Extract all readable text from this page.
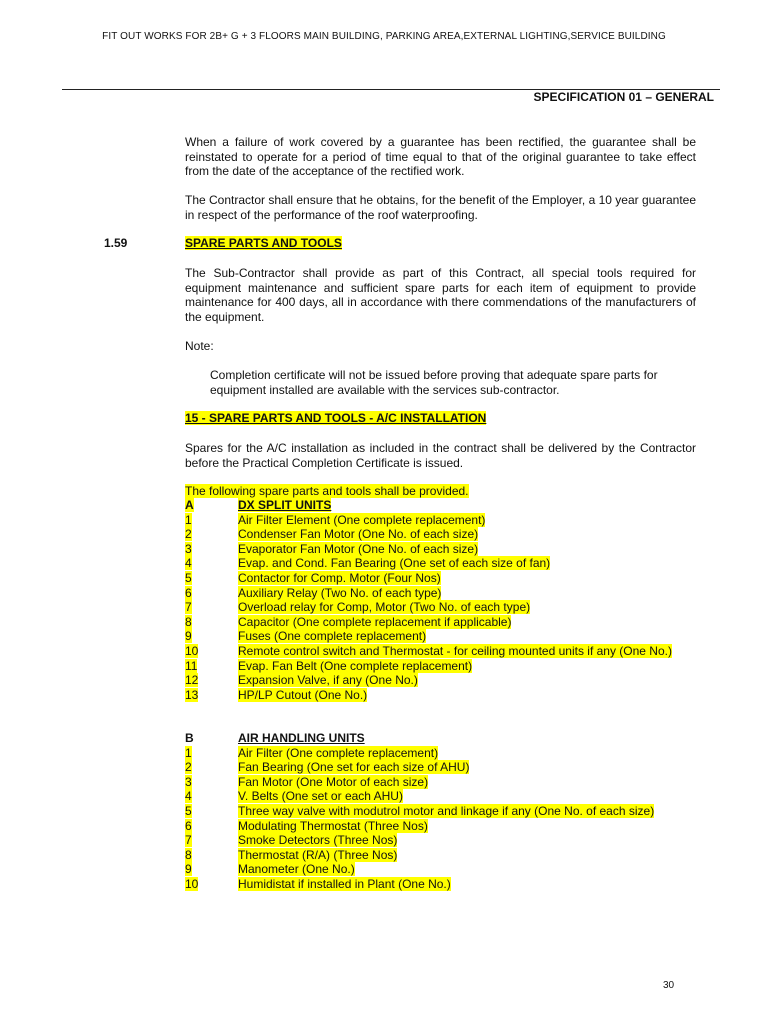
FIT OUT WORKS FOR 2B+ G + 3 FLOORS MAIN BUILDING, PARKING AREA,EXTERNAL LIGHTING,SERVICE BUILDING
SPECIFICATION 01 – GENERAL
When a failure of work covered by a guarantee has been rectified, the guarantee shall be reinstated to operate for a period of time equal to that of the original guarantee to take effect from the date of the acceptance of the rectified work.
The Contractor shall ensure that he obtains, for the benefit of the Employer, a 10 year guarantee in respect of the performance of the roof waterproofing.
1.59	SPARE PARTS AND TOOLS
The Sub-Contractor shall provide as part of this Contract, all special tools required for equipment maintenance and sufficient spare parts for each item of equipment to provide maintenance for 400 days, all in accordance with there commendations of the manufacturers of the equipment.
Note:
Completion certificate will not be issued before proving that adequate spare parts for equipment installed are available with the services sub-contractor.
15 - SPARE PARTS AND TOOLS - A/C INSTALLATION
Spares for the A/C installation as included in the contract shall be delivered by the Contractor before the Practical Completion Certificate is issued.
The following spare parts and tools shall be provided.
A	DX SPLIT UNITS
1	Air Filter Element (One complete replacement)
2	Condenser Fan Motor (One No. of each size)
3	Evaporator Fan Motor (One No. of each size)
4	Evap. and Cond. Fan Bearing (One set of each size of fan)
5	Contactor for Comp. Motor (Four Nos)
6	Auxiliary Relay (Two No. of each type)
7	Overload relay for Comp, Motor (Two No. of each type)
8	Capacitor (One complete replacement if applicable)
9	Fuses (One complete replacement)
10	Remote control switch and Thermostat - for ceiling mounted units if any (One No.)
11	Evap. Fan Belt (One complete replacement)
12	Expansion Valve, if any (One No.)
13	HP/LP Cutout (One No.)
B	AIR HANDLING UNITS
1	Air Filter (One complete replacement)
2	Fan Bearing (One set for each size of AHU)
3	Fan Motor (One Motor of each size)
4	V. Belts (One set or each AHU)
5	Three way valve with modutrol motor and linkage if any (One No. of each size)
6	Modulating Thermostat (Three Nos)
7	Smoke Detectors (Three Nos)
8	Thermostat (R/A) (Three Nos)
9	Manometer (One No.)
10	Humidistat if installed in Plant (One No.)
30
